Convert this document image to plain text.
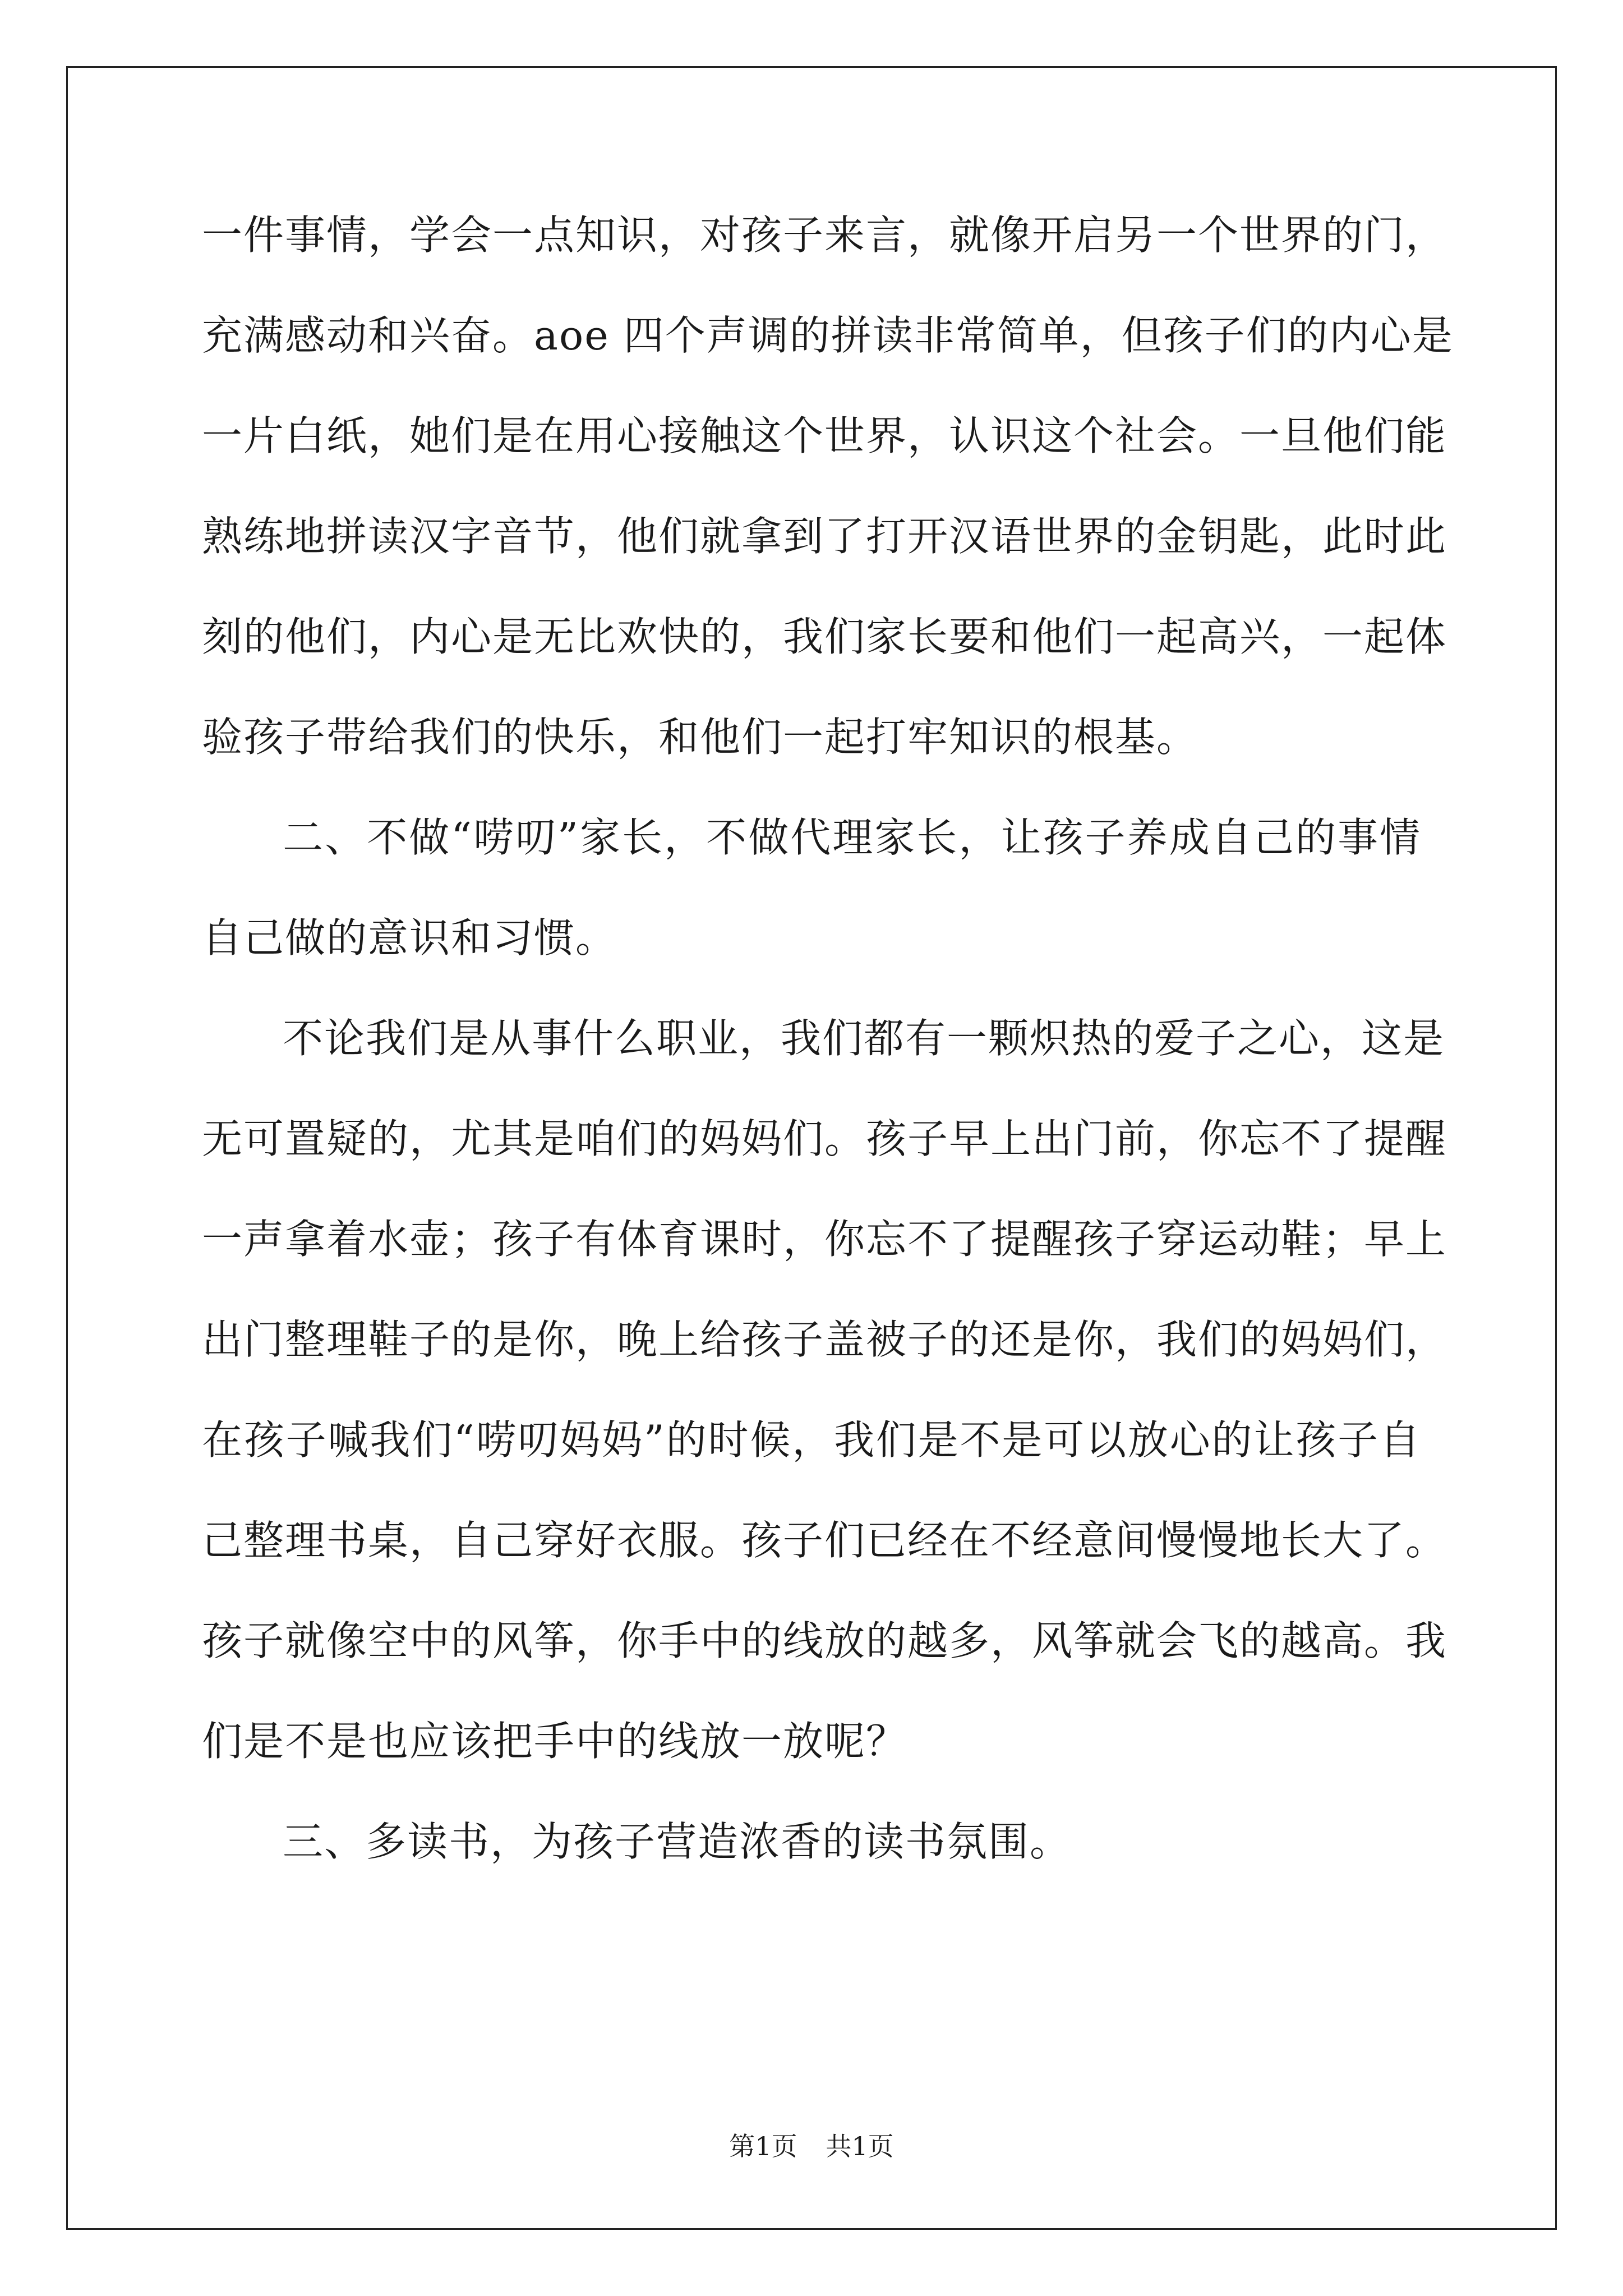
一件事情，学会一点知识，对孩子来言，就像开启另一个世界的门，
充满感动和兴奋。aoe 四个声调的拼读非常简单，但孩子们的内心是
一片白纸，她们是在用心接触这个世界，认识这个社会。一旦他们能
熟练地拼读汉字音节，他们就拿到了打开汉语世界的金钥匙，此时此
刻的他们，内心是无比欢快的，我们家长要和他们一起高兴，一起体
验孩子带给我们的快乐，和他们一起打牢知识的根基。
二、不做“唠叨”家长，不做代理家长，让孩子养成自己的事情
自己做的意识和习惯。
不论我们是从事什么职业，我们都有一颗炽热的爱子之心，这是
无可置疑的，尤其是咱们的妈妈们。孩子早上出门前，你忘不了提醒
一声拿着水壶；孩子有体育课时，你忘不了提醒孩子穿运动鞋；早上
出门整理鞋子的是你，晚上给孩子盖被子的还是你，我们的妈妈们，
在孩子喊我们“唠叨妈妈”的时候，我们是不是可以放心的让孩子自
己整理书桌，自己穿好衣服。孩子们已经在不经意间慢慢地长大了。
孩子就像空中的风筝，你手中的线放的越多，风筝就会飞的越高。我
们是不是也应该把手中的线放一放呢？
三、多读书，为孩子营造浓香的读书氛围。
第1页 共1页
